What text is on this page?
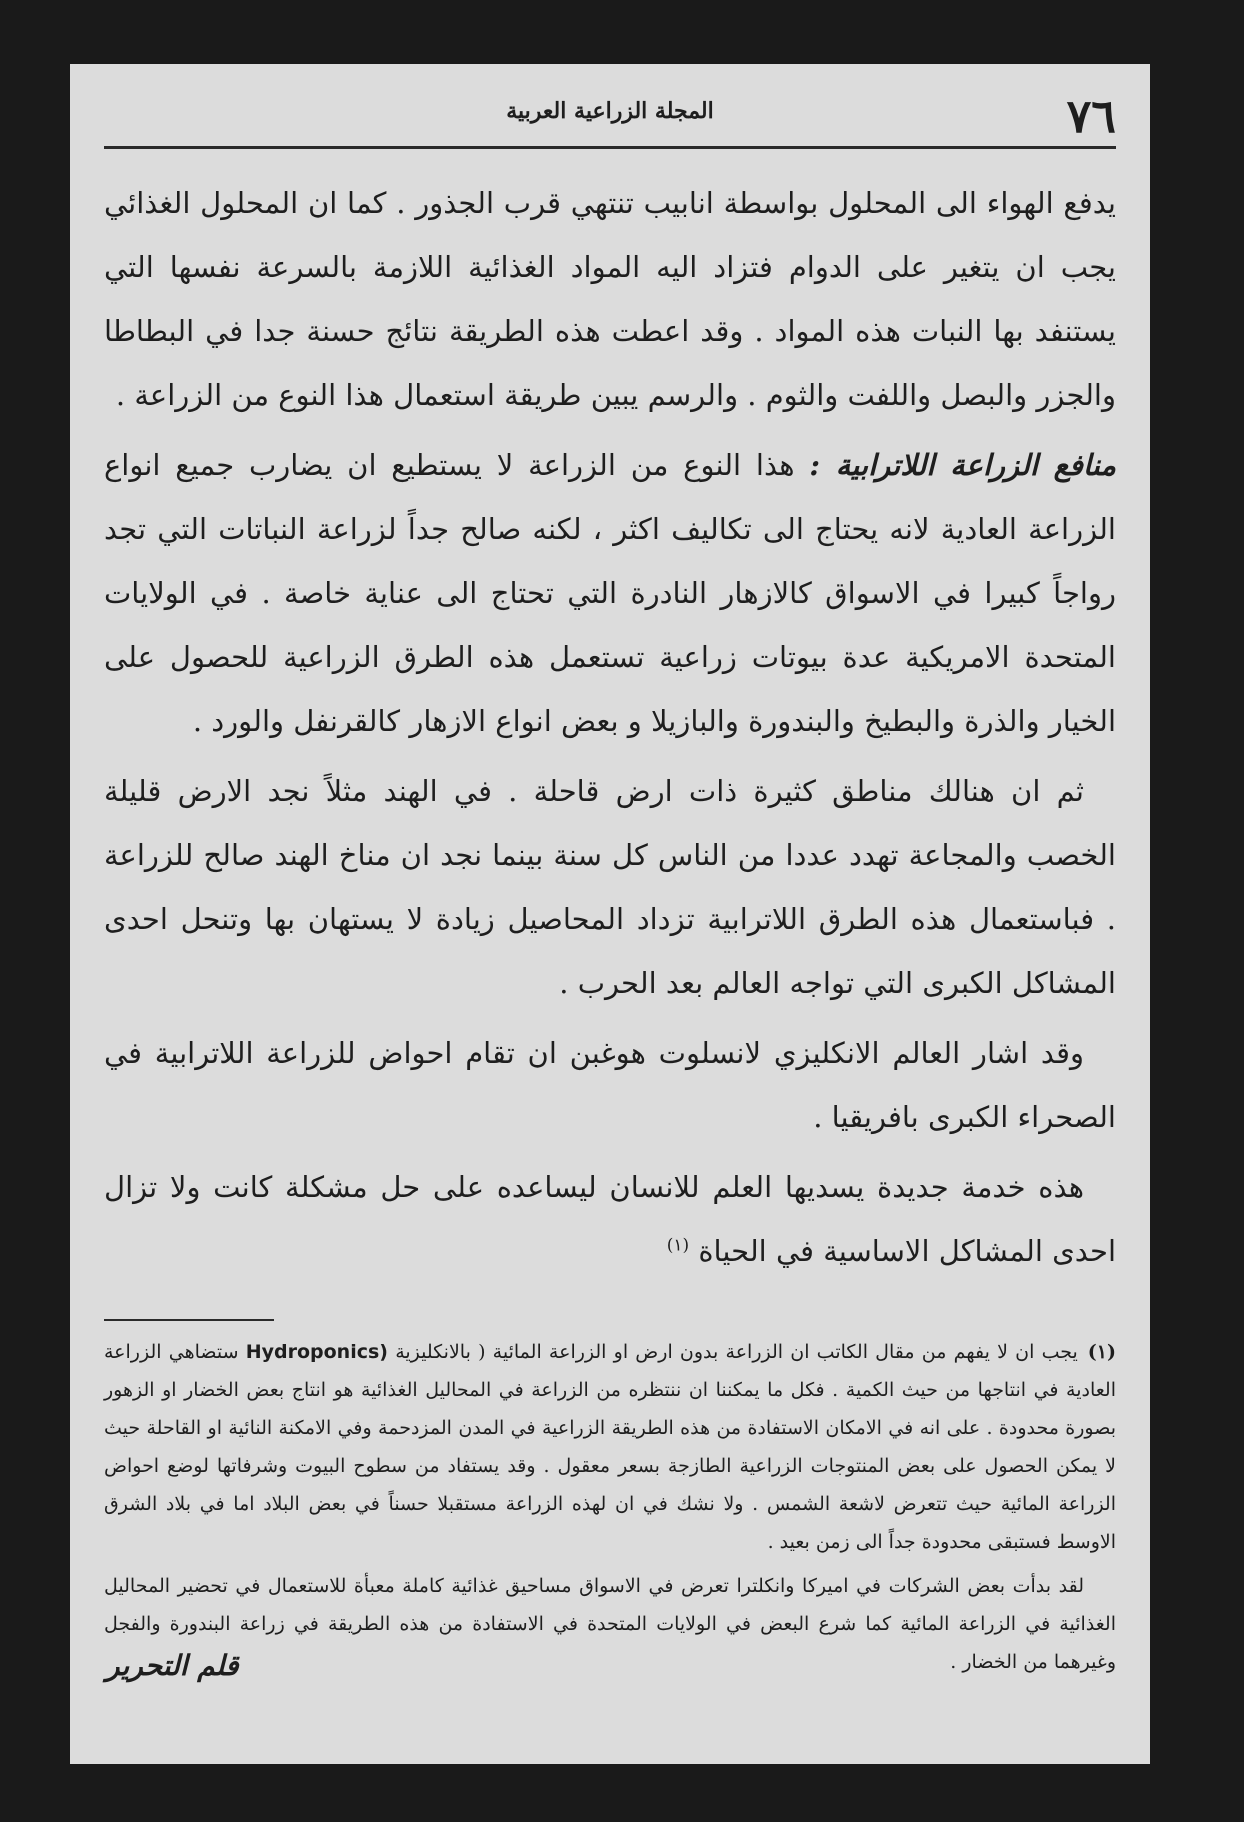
٧٦
المجلة الزراعية العربية

يدفع الهواء الى المحلول بواسطة انابيب تنتهي قرب الجذور . كما ان المحلول الغذائي يجب ان يتغير على الدوام فتزاد اليه المواد الغذائية اللازمة بالسرعة نفسها التي يستنفد بها النبات هذه المواد . وقد اعطت هذه الطريقة نتائج حسنة جدا في البطاطا والجزر والبصل واللفت والثوم . والرسم يبين طريقة استعمال هذا النوع من الزراعة .

منافع الزراعة اللاترابية : هذا النوع من الزراعة لا يستطيع ان يضارب جميع انواع الزراعة العادية لانه يحتاج الى تكاليف اكثر ، لكنه صالح جداً لزراعة النباتات التي تجد رواجاً كبيرا في الاسواق كالازهار النادرة التي تحتاج الى عناية خاصة . في الولايات المتحدة الامريكية عدة بيوتات زراعية تستعمل هذه الطرق الزراعية للحصول على الخيار والذرة والبطيخ والبندورة والبازيلا و بعض انواع الازهار كالقرنفل والورد .

ثم ان هنالك مناطق كثيرة ذات ارض قاحلة . في الهند مثلاً نجد الارض قليلة الخصب والمجاعة تهدد عددا من الناس كل سنة بينما نجد ان مناخ الهند صالح للزراعة . فباستعمال هذه الطرق اللاترابية تزداد المحاصيل زيادة لا يستهان بها وتنحل احدى المشاكل الكبرى التي تواجه العالم بعد الحرب .

وقد اشار العالم الانكليزي لانسلوت هوغبن ان تقام احواض للزراعة اللاترابية في الصحراء الكبرى بافريقيا .

هذه خدمة جديدة يسديها العلم للانسان ليساعده على حل مشكلة كانت ولا تزال احدى المشاكل الاساسية في الحياة $^{(١)}$

(١)يجب ان لا يفهم من مقال الكاتب ان الزراعة بدون ارض او الزراعة المائية ( بالانكليزية Hydroponics) ستضاهي الزراعة العادية في انتاجها من حيث الكمية . فكل ما يمكننا ان ننتظره من الزراعة في المحاليل الغذائية هو انتاج بعض الخضار او الزهور بصورة محدودة . على انه في الامكان الاستفادة من هذه الطريقة الزراعية في المدن المزدحمة وفي الامكنة النائية او القاحلة حيث لا يمكن الحصول على بعض المنتوجات الزراعية الطازجة بسعر معقول . وقد يستفاد من سطوح البيوت وشرفاتها لوضع احواض الزراعة المائية حيث تتعرض لاشعة الشمس . ولا نشك في ان لهذه الزراعة مستقبلا حسناً في بعض البلاد اما في بلاد الشرق الاوسط فستبقى محدودة جداً الى زمن بعيد .

لقد بدأت بعض الشركات في اميركا وانكلترا تعرض في الاسواق مساحيق غذائية كاملة معبأة للاستعمال في تحضير المحاليل الغذائية في الزراعة المائية كما شرع البعض في الولايات المتحدة في الاستفادة من هذه الطريقة في زراعة البندورة والفجل وغيرهما من الخضار .

قلم التحرير
